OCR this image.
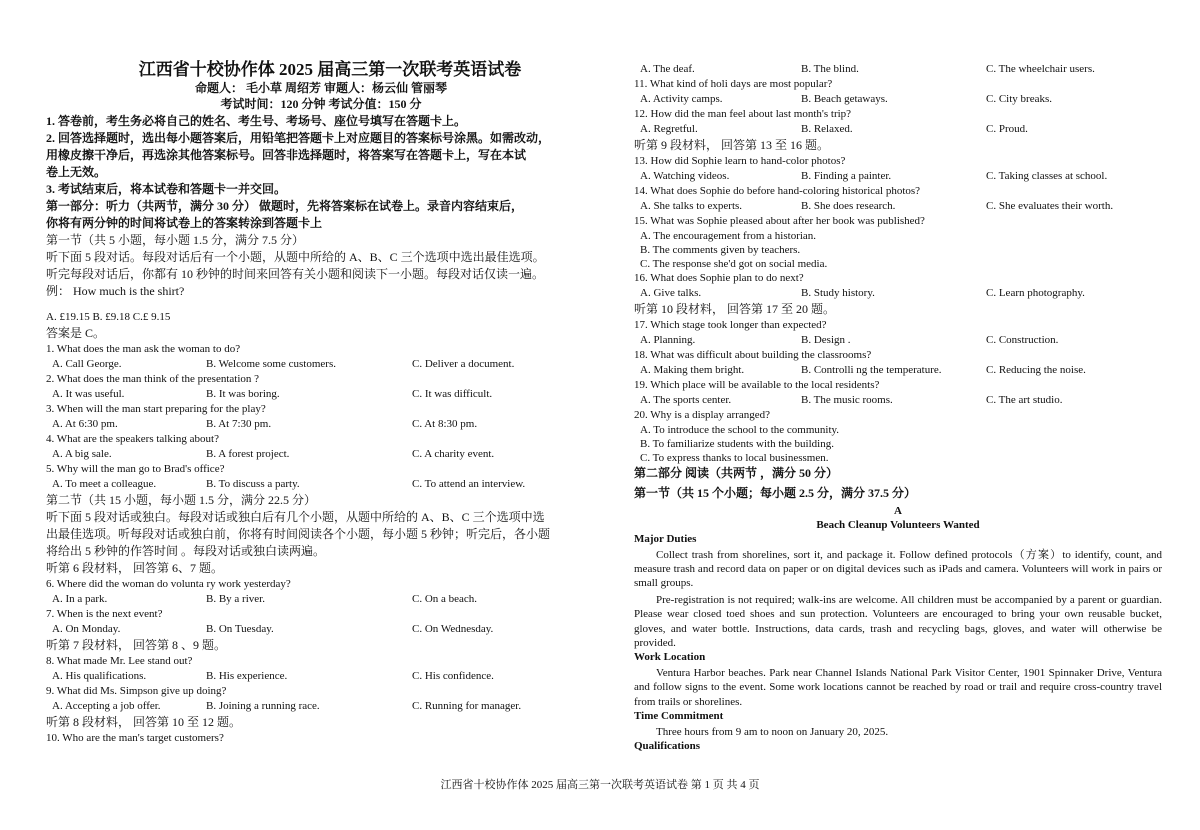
江西省十校协作体 2025 届高三第一次联考英语试卷
命题人： 毛小草 周绍芳 审题人：杨云仙 管丽琴
考试时间：120 分钟 考试分值：150 分
1. 答卷前，考生务必将自己的姓名、考生号、考场号、座位号填写在答题卡上。
2. 回答选择题时，选出每小题答案后，用铅笔把答题卡上对应题目的答案标号涂黑。如需改动，
用橡皮擦干净后，再选涂其他答案标号。回答非选择题时，将答案写在答题卡上，写在本试
卷上无效。
3. 考试结束后，将本试卷和答题卡一并交回。
第一部分：听力（共两节，满分 30 分） 做题时，先将答案标在试卷上。录音内容结束后，
你将有两分钟的时间将试卷上的答案转涂到答题卡上
第一节（共 5 小题，每小题 1.5 分，满分 7.5 分）
听下面 5 段对话。每段对话后有一个小题，从题中所给的 A、B、C 三个选项中选出最佳选项。
听完每段对话后，你都有 10 秒钟的时间来回答有关小题和阅读下一小题。每段对话仅读一遍。
例： How much is the shirt?
A. £19.15 B. £9.18 C.£ 9.15
答案是 C。
1. What does the man ask the woman to do?
A. Call George.	B. Welcome some customers.	C. Deliver a document.
2. What does the man think of the presentation ?
A. It was useful.	B. It was boring.	C. It was difficult.
3. When will the man start preparing for the play?
A. At 6:30 pm.	B. At 7:30 pm.	C. At 8:30 pm.
4. What are the speakers talking about?
A. A big sale.	B. A forest project.	C. A charity event.
5. Why will the man go to Brad's office?
A. To meet a colleague.	B. To discuss a party.	C. To attend an interview.
第二节（共 15 小题，每小题 1.5 分，满分 22.5 分）
听下面 5 段对话或独白。每段对话或独白后有几个小题，从题中所给的 A、B、C 三个选项中选
出最佳选项。听每段对话或独白前，你将有时间阅读各个小题，每小题 5 秒钟；听完后，各小题
将给出 5 秒钟的作答时间 。每段对话或独白读两遍。
听第 6 段材料， 回答第 6、7 题。
6. Where did the woman do volunta ry work yesterday?
A. In a park.	B. By a river.	C. On a beach.
7. When is the next event?
A. On Monday.	B. On Tuesday.	C. On Wednesday.
听第 7 段材料， 回答第 8 、9 题。
8. What made Mr. Lee stand out?
A. His qualifications.	B. His experience.	C. His confidence.
9. What did Ms. Simpson give up doing?
A. Accepting a job offer.	B. Joining a running race.	C. Running for manager.
听第 8 段材料， 回答第 10 至 12 题。
10. Who are the man's target customers?
A. The deaf.	B. The blind.	C. The wheelchair users.
11. What kind of holi days are most popular?
A. Activity camps.	B. Beach getaways.	C. City breaks.
12. How did the man feel about last month's trip?
A. Regretful.	B. Relaxed.	C. Proud.
听第 9 段材料， 回答第 13 至 16 题。
13. How did Sophie learn to hand-color photos?
A. Watching videos.	B. Finding a painter.	C. Taking classes at school.
14. What does Sophie do before hand-coloring historical photos?
A. She talks to experts.	B. She does research.	C. She evaluates their worth.
15. What was Sophie pleased about after her book was published?
A. The encouragement from a historian.
B. The comments given by teachers.
C. The response she'd got on social media.
16. What does Sophie plan to do next?
A. Give talks.	B. Study history.	C. Learn photography.
听第 10 段材料， 回答第 17 至 20 题。
17. Which stage took longer than expected?
A. Planning.	B. Design .	C. Construction.
18. What was difficult about building the classrooms?
A. Making them bright.	B. Controlli ng the temperature.	C. Reducing the noise.
19. Which place will be available to the local residents?
A. The sports center.	B. The music rooms.	C. The art studio.
20. Why is a display arranged?
A. To introduce the school to the community.
B. To familiarize students with the building.
C. To express thanks to local businessmen.
第二部分 阅读（共两节 ，满分 50 分）
第一节（共 15 个小题；每小题 2.5 分，满分 37.5 分）
A
Beach Cleanup Volunteers Wanted
Major Duties
Collect trash from shorelines, sort it, and package it. Follow defined protocols（方案）to identify, count, and measure trash and record data on paper or on digital devices such as iPads and camera. Volunteers will work in pairs or small groups.
Pre-registration is not required; walk-ins are welcome. All children must be accompanied by a parent or guardian. Please wear closed toed shoes and sun protection. Volunteers are encouraged to bring your own reusable bucket, gloves, and water bottle. Instructions, data cards, trash and recycling bags, gloves, and water will otherwise be provided.
Work Location
Ventura Harbor beaches. Park near Channel Islands National Park Visitor Center, 1901 Spinnaker Drive, Ventura and follow signs to the event. Some work locations cannot be reached by road or trail and require cross-country travel from trails or shorelines.
Time Commitment
Three hours from 9 am to noon on January 20, 2025.
Qualifications
江西省十校协作体 2025 届高三第一次联考英语试卷 第 1 页 共 4 页
